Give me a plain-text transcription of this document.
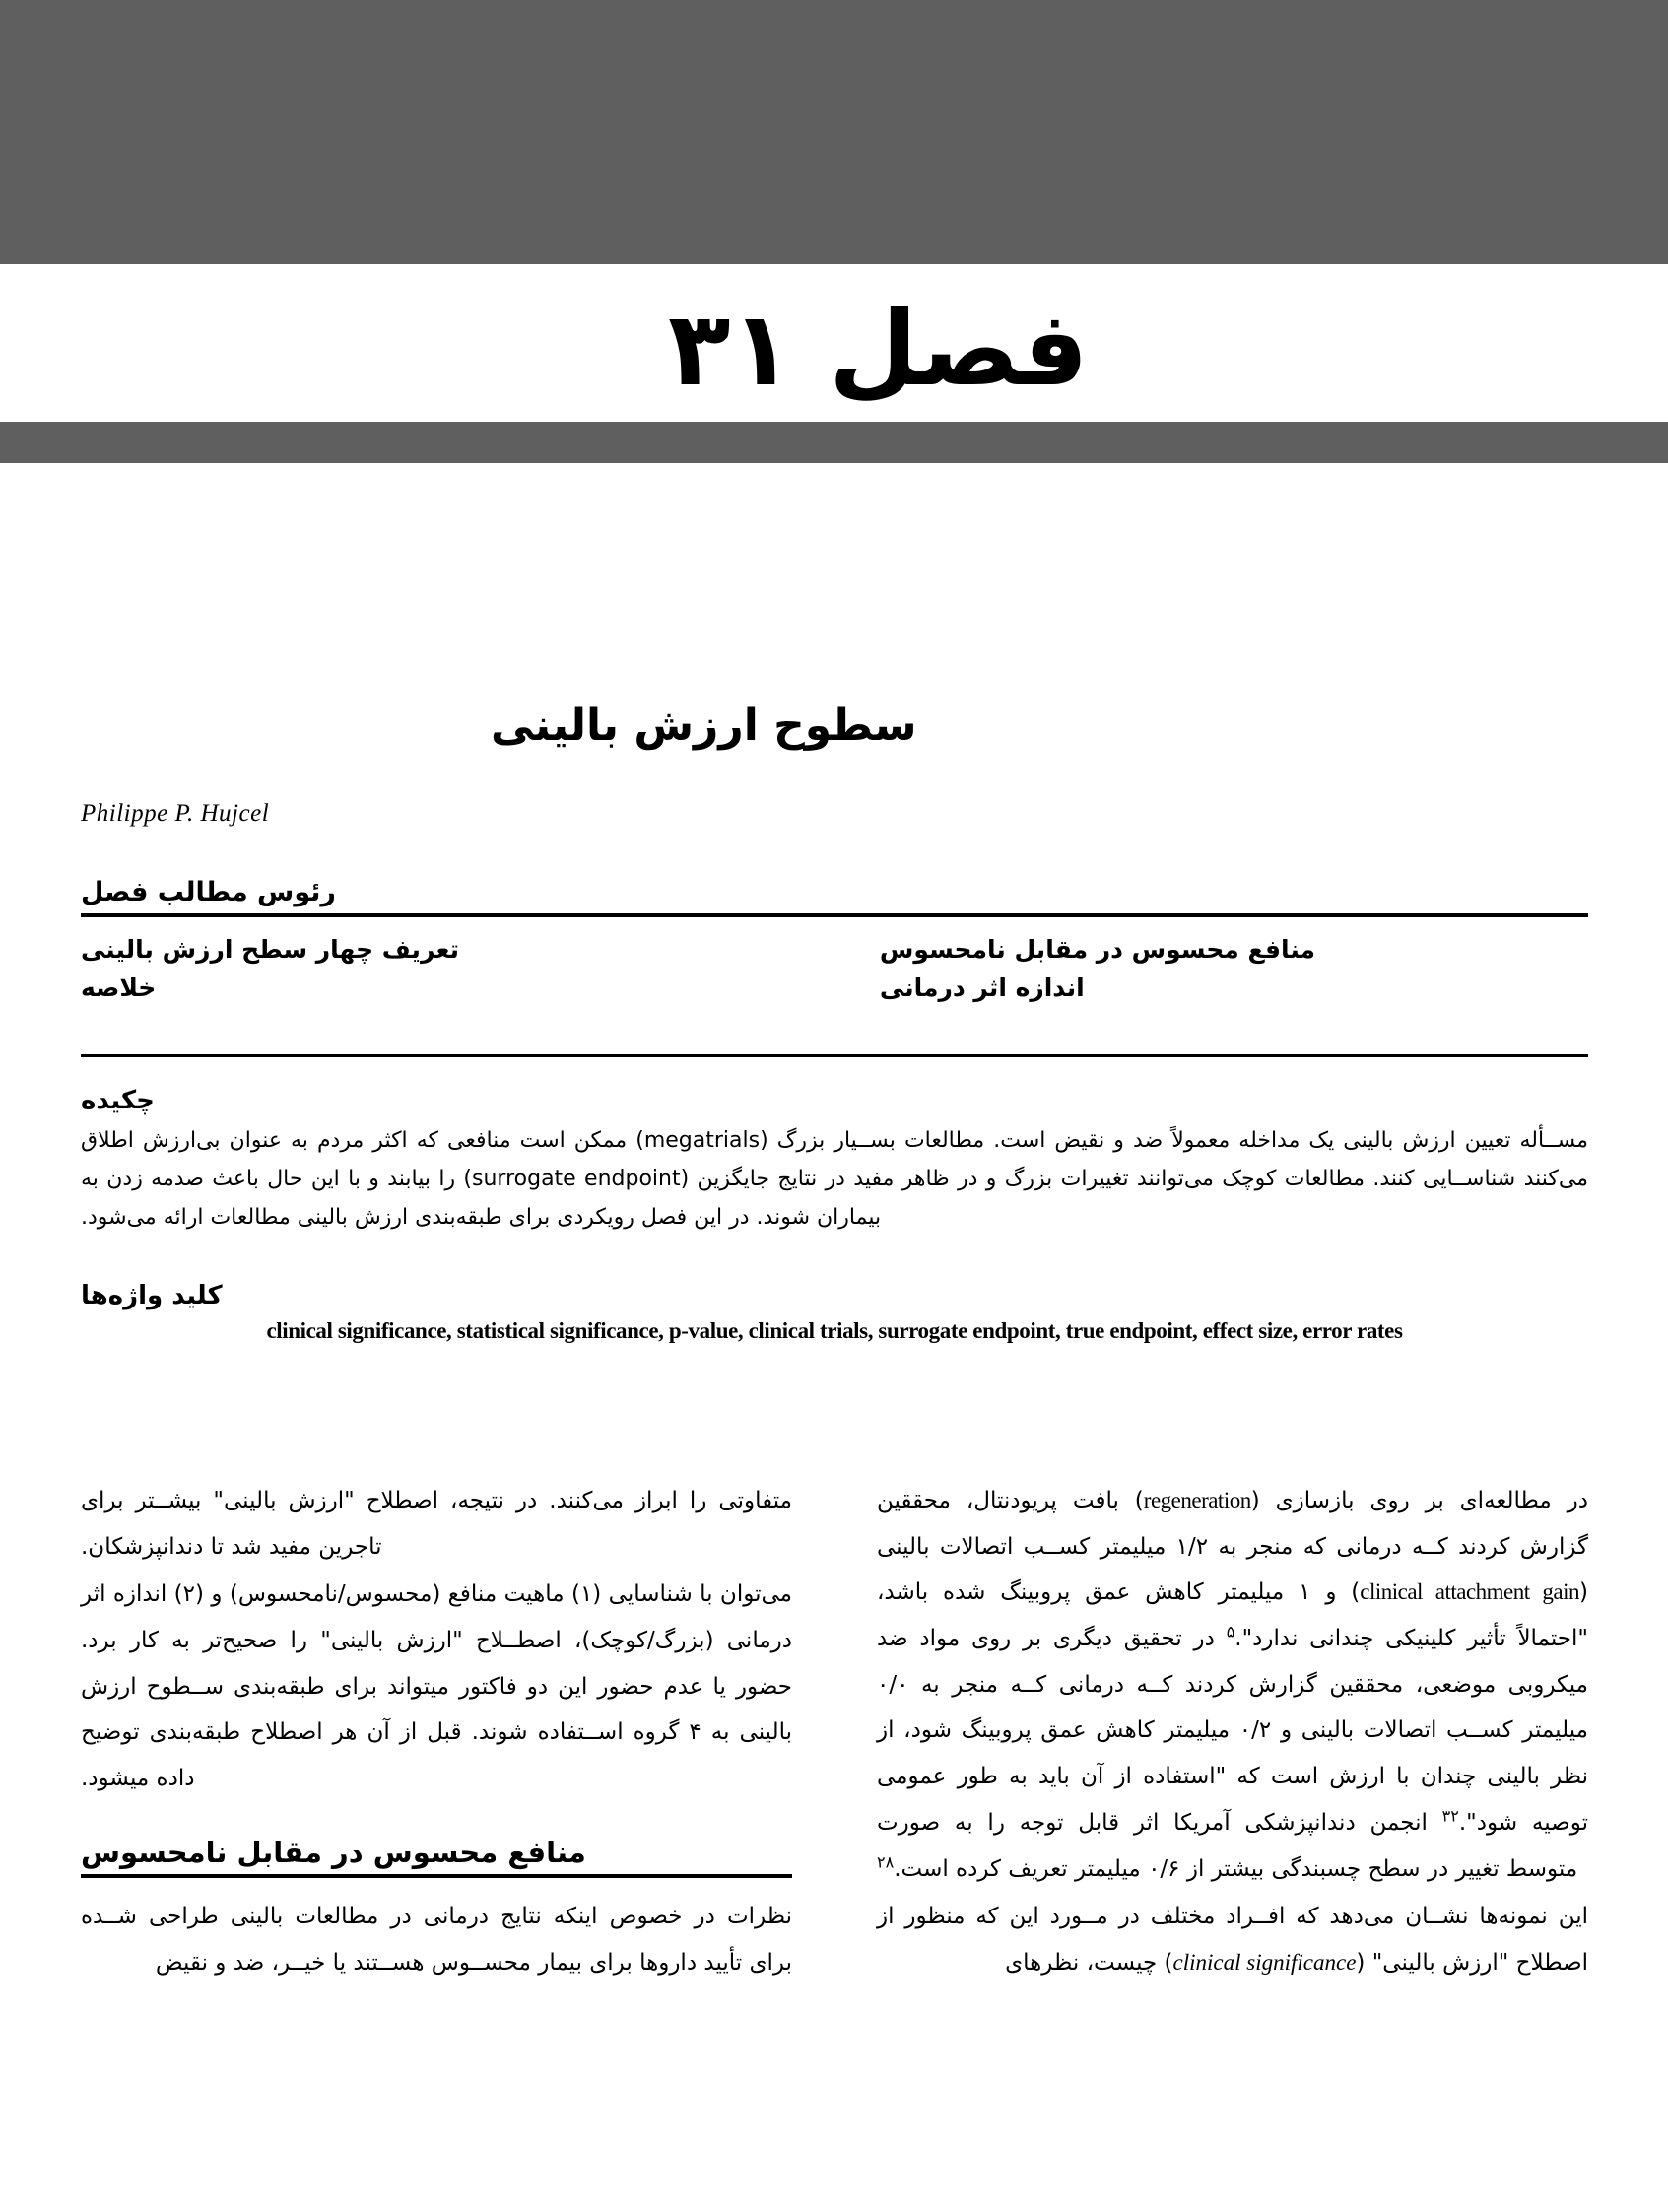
فصل ۳۱
سطوح ارزش بالینی
Philippe P. Hujcel
رئوس مطالب فصل
منافع محسوس در مقابل نامحسوس
اندازه اثر درمانی
تعریف چهار سطح ارزش بالینی
خلاصه
چکیده
مســأله تعیین ارزش بالینی یک مداخله معمولاً ضد و نقیض است. مطالعات بســیار بزرگ (megatrials) ممکن است منافعی که اکثر مردم به عنوان بی‌ارزش اطلاق می‌کنند شناســایی کنند. مطالعات کوچک می‌توانند تغییرات بزرگ و در ظاهر مفید در نتایج جایگزین (surrogate endpoint) را بیابند و با این حال باعث صدمه زدن به بیماران شوند. در این فصل رویکردی برای طبقه‌بندی ارزش بالینی مطالعات ارائه می‌شود.
کلید واژه‌ها
clinical significance, statistical significance, p-value, clinical trials, surrogate endpoint, true endpoint, effect size, error rates

در مطالعه‌ای بر روی بازسازی (regeneration) بافت پریودنتال، محققین گزارش کردند کــه درمانی که منجر به ۱/۲ میلیمتر کســب اتصالات بالینی (clinical attachment gain) و ۱ میلیمتر کاهش عمق پروبینگ شده باشد، "احتمالاً تأثیر کلینیکی چندانی ندارد".$^۵$ در تحقیق دیگری بر روی مواد ضد میکروبی موضعی، محققین گزارش کردند کــه درمانی کــه منجر به ۰/۰ میلیمتر کســب اتصالات بالینی و ۰/۲ میلیمتر کاهش عمق پروبینگ شود، از نظر بالینی چندان با ارزش است که "استفاده از آن باید به طور عمومی توصیه شود".$^{۳۲}$ انجمن دندانپزشکی آمریکا اثر قابل توجه را به صورت متوسط تغییر در سطح چسبندگی بیشتر از ۰/۶ میلیمتر تعریف کرده است.$^{۲۸}$

این نمونه‌ها نشــان می‌دهد که افــراد مختلف در مــورد این که منظور از اصطلاح "ارزش بالینی" (clinical significance) چیست، نظرهای

متفاوتی را ابراز می‌کنند. در نتیجه، اصطلاح "ارزش بالینی" بیشــتر برای تاجرین مفید شد تا دندانپزشکان.

می‌توان با شناسایی (۱) ماهیت منافع (محسوس/نامحسوس) و (۲) اندازه اثر درمانی (بزرگ/کوچک)، اصطــلاح "ارزش بالینی" را صحیح‌تر به کار برد. حضور یا عدم حضور این دو فاکتور میتواند برای طبقه‌بندی ســطوح ارزش بالینی به ۴ گروه اســتفاده شوند. قبل از آن هر اصطلاح طبقه‌بندی توضیح داده میشود.

منافع محسوس در مقابل نامحسوس

نظرات در خصوص اینکه نتایج درمانی در مطالعات بالینی طراحی شــده برای تأیید داروها برای بیمار محســوس هســتند یا خیــر، ضد و نقیض
